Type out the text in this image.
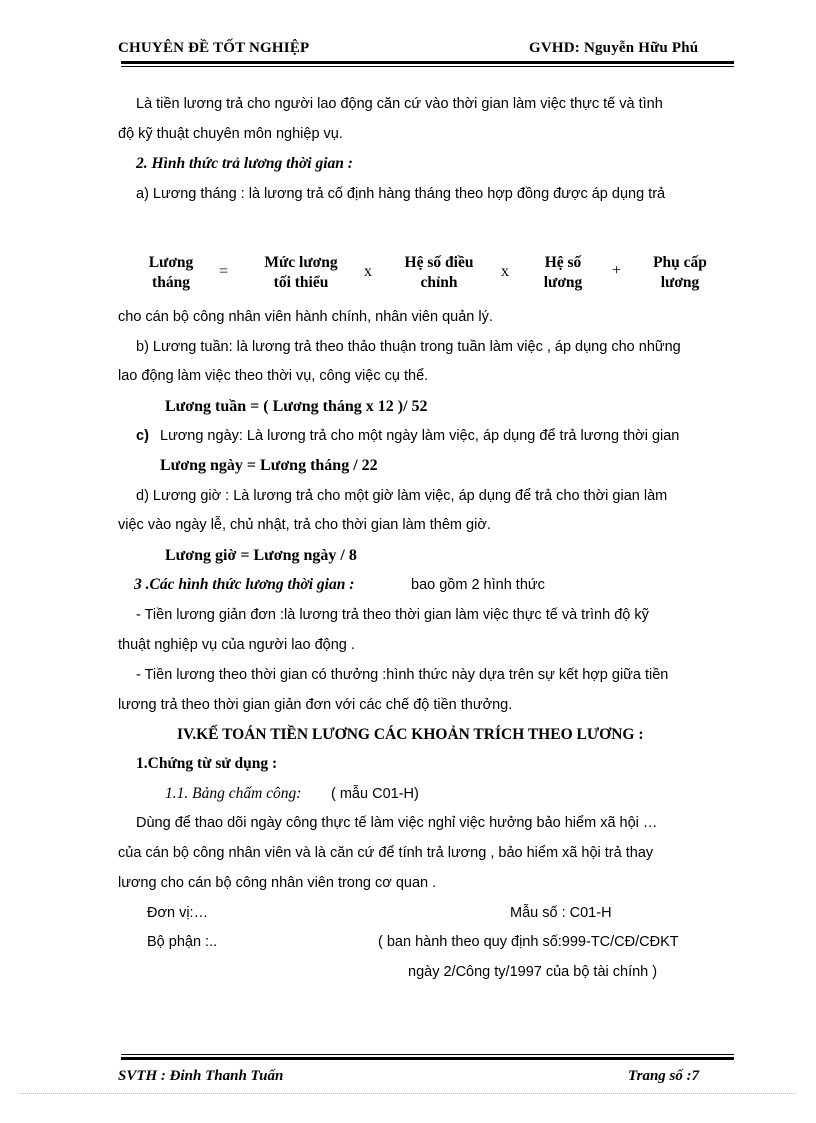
CHUYÊN ĐỀ TỐT NGHIỆP	GVHD: Nguyễn Hữu Phú
Là tiền lương trả cho người lao động căn cứ vào thời gian làm việc thực tế và tình
độ kỹ thuật chuyên môn nghiệp vụ.
2. Hình thức trả lương thời gian :
a) Lương tháng : là lương trả cố định hàng tháng theo hợp đồng được áp dụng trả
Lương
tháng
=
Mức lương
tối thiểu
x
Hệ số điều
chỉnh
x
Hệ số
lương
+	Phụ cấp
lương
cho cán bộ công nhân viên hành chính, nhân viên quản lý.
b) Lương tuần: là lương trả theo thảo thuận trong tuần làm việc , áp dụng cho những
lao động làm việc theo thời vụ, công việc cụ thể.
Lương tuần = ( Lương tháng x 12 )/ 52
c) Lương ngày: Là lương trả cho một ngày làm việc, áp dụng để trả lương thời gian
Lương ngày = Lương tháng / 22
d) Lương giờ : Là lương trả cho một giờ làm việc, áp dụng để trả cho thời gian làm
việc vào ngày lễ, chủ nhật, trả cho thời gian làm thêm giờ.
Lương giờ = Lương ngày / 8
3 .Các hình thức lương thời gian :	bao gồm 2 hình thức
- Tiền lương giản đơn :là lương trả theo thời gian làm việc thực tế và trình độ kỹ
thuật nghiệp vụ của người lao động .
- Tiền lương theo thời gian có thưởng :hình thức này dựa trên sự kết hợp giữa tiền
lương trả theo thời gian giản đơn với các chế độ tiền thưởng.
IV.KẾ TOÁN TIỀN LƯƠNG CÁC KHOẢN TRÍCH THEO LƯƠNG :
1.Chứng từ sử dụng :
1.1. Bảng chấm công: ( mẫu C01-H)
Dùng để thao dõi ngày công thực tế làm việc nghỉ việc hưởng bảo hiểm xã hội …
của cán bộ công nhân viên và là căn cứ để tính trả lương , bảo hiểm xã hội trả thay
lương cho cán bộ công nhân viên trong cơ quan .
Đơn vị:…	Mẫu số : C01-H
Bộ phận :..	( ban hành theo quy định số:999-TC/CĐ/CĐKT
ngày 2/Công ty/1997 của bộ tài chính )
SVTH : Đinh Thanh Tuấn	Trang số :7
